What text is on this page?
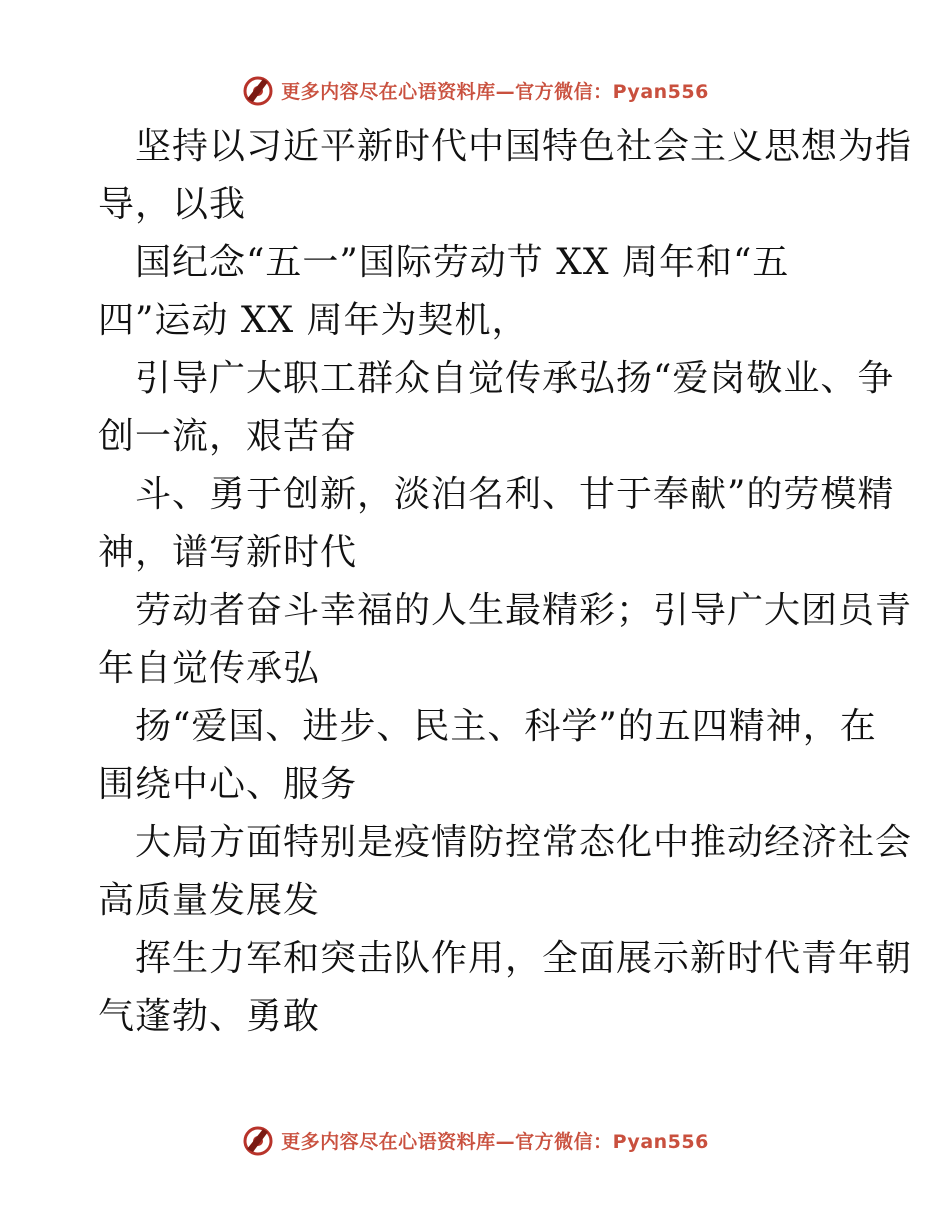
更多内容尽在心语资料库—官方微信：Pyan556
坚持以习近平新时代中国特色社会主义思想为指
导，以我
国纪念“五一”国际劳动节 XX 周年和“五
四”运动 XX 周年为契机，
引导广大职工群众自觉传承弘扬“爱岗敬业、争
创一流，艰苦奋
斗、勇于创新，淡泊名利、甘于奉献”的劳模精
神，谱写新时代
劳动者奋斗幸福的人生最精彩；引导广大团员青
年自觉传承弘
扬“爱国、进步、民主、科学”的五四精神，在
围绕中心、服务
大局方面特别是疫情防控常态化中推动经济社会
高质量发展发
挥生力军和突击队作用，全面展示新时代青年朝
气蓬勃、勇敢
更多内容尽在心语资料库—官方微信：Pyan556
